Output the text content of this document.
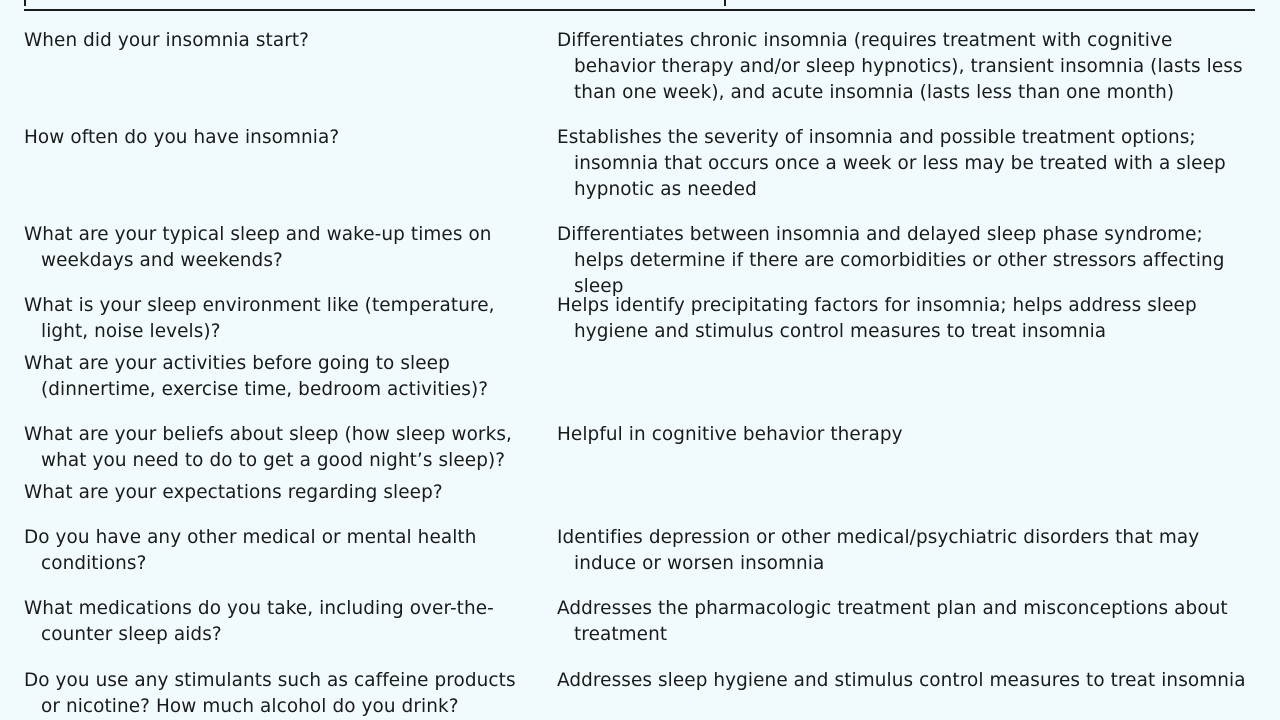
When did your insomnia start?	Differentiates chronic insomnia (requires treatment with cognitive behavior therapy and/or sleep hypnotics), transient insomnia (lasts less than one week), and acute insomnia (lasts less than one month)

How often do you have insomnia?	Establishes the severity of insomnia and possible treatment options; insomnia that occurs once a week or less may be treated with a sleep hypnotic as needed

What are your typical sleep and wake-up times on weekdays and weekends?

Differentiates between insomnia and delayed sleep phase syndrome; helps determine if there are comorbidities or other stressors affecting sleep

What is your sleep environment like (temperature, light, noise levels)?

What are your activities before going to sleep (dinnertime, exercise time, bedroom activities)?

Helps identify precipitating factors for insomnia; helps address sleep hygiene and stimulus control measures to treat insomnia

What are your beliefs about sleep (how sleep works, what you need to do to get a good night’s sleep)?

What are your expectations regarding sleep?

Helpful in cognitive behavior therapy

Do you have any other medical or mental health conditions?

Identifies depression or other medical/psychiatric disorders that may induce or worsen insomnia

What medications do you take, including over-the-counter sleep aids?

Addresses the pharmacologic treatment plan and misconceptions about treatment

Do you use any stimulants such as caffeine products or nicotine? How much alcohol do you drink?

Addresses sleep hygiene and stimulus control measures to treat insomnia
